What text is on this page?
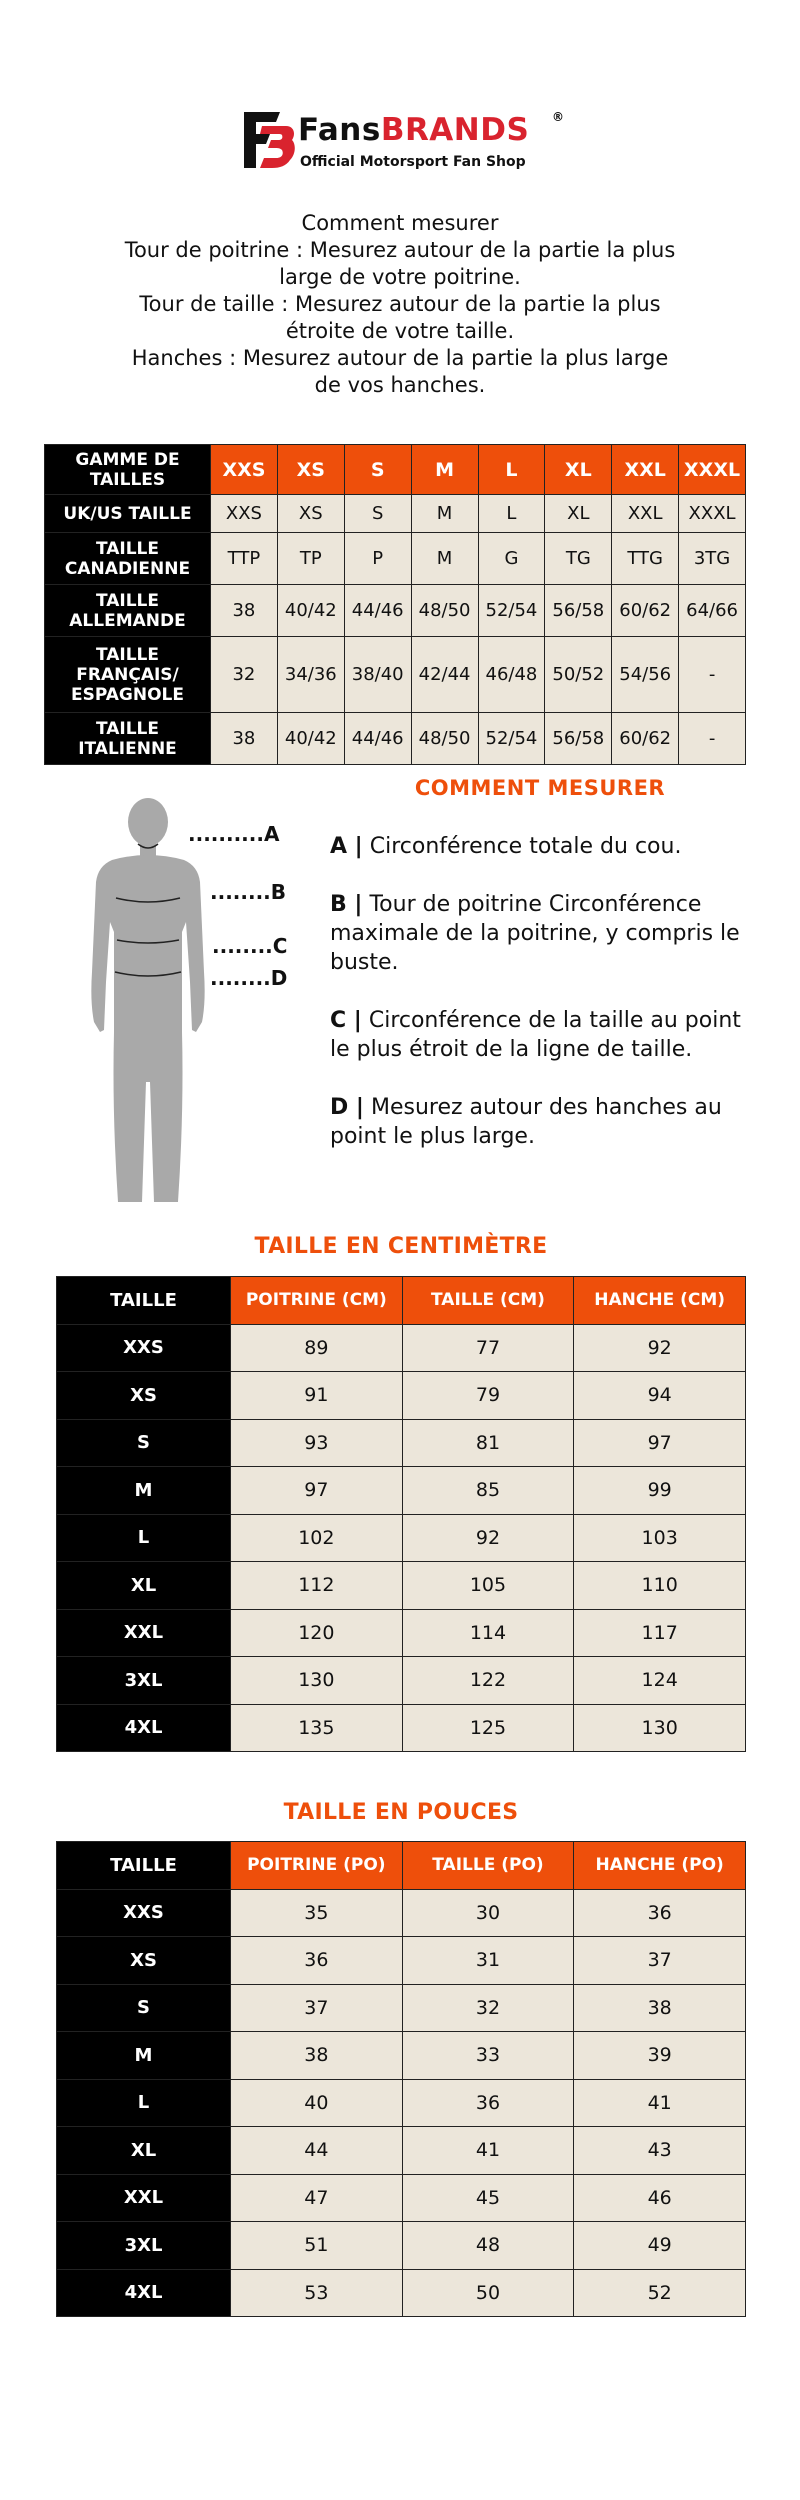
FansBRANDS ®
Official Motorsport Fan Shop

Comment mesurer

Tour de poitrine : Mesurez autour de la partie la plus large de votre poitrine.

Tour de taille : Mesurez autour de la partie la plus étroite de votre taille.

Hanches : Mesurez autour de la partie la plus large de vos hanches.

GAMME DE TAILLES	XXS	XS	S	M	L	XL	XXL	XXXL
UK/US TAILLE	XXS	XS	S	M	L	XL	XXL	XXXL
TAILLE CANADIENNE	TTP	TP	P	M	G	TG	TTG	3TG
TAILLE ALLEMANDE	38	40/42	44/46	48/50	52/54	56/58	60/62	64/66
TAILLE FRANÇAIS/ ESPAGNOLE	32	34/36	38/40	42/44	46/48	50/52	54/56	-
TAILLE ITALIENNE	38	40/42	44/46	48/50	52/54	56/58	60/62	-
COMMENT MESURER
..........A
........B
........C
........D
A | Circonférence totale du cou.
B | Tour de poitrine Circonférence maximale de la poitrine, y compris le buste.
C | Circonférence de la taille au point le plus étroit de la ligne de taille.
D | Mesurez autour des hanches au point le plus large.
TAILLE EN CENTIMÈTRE
TAILLE	POITRINE (CM)	TAILLE (CM)	HANCHE (CM)
XXS	89	77	92
XS	91	79	94
S	93	81	97
M	97	85	99
L	102	92	103
XL	112	105	110
XXL	120	114	117
3XL	130	122	124
4XL	135	125	130
TAILLE EN POUCES
TAILLE	POITRINE (PO)	TAILLE (PO)	HANCHE (PO)
XXS	35	30	36
XS	36	31	37
S	37	32	38
M	38	33	39
L	40	36	41
XL	44	41	43
XXL	47	45	46
3XL	51	48	49
4XL	53	50	52
